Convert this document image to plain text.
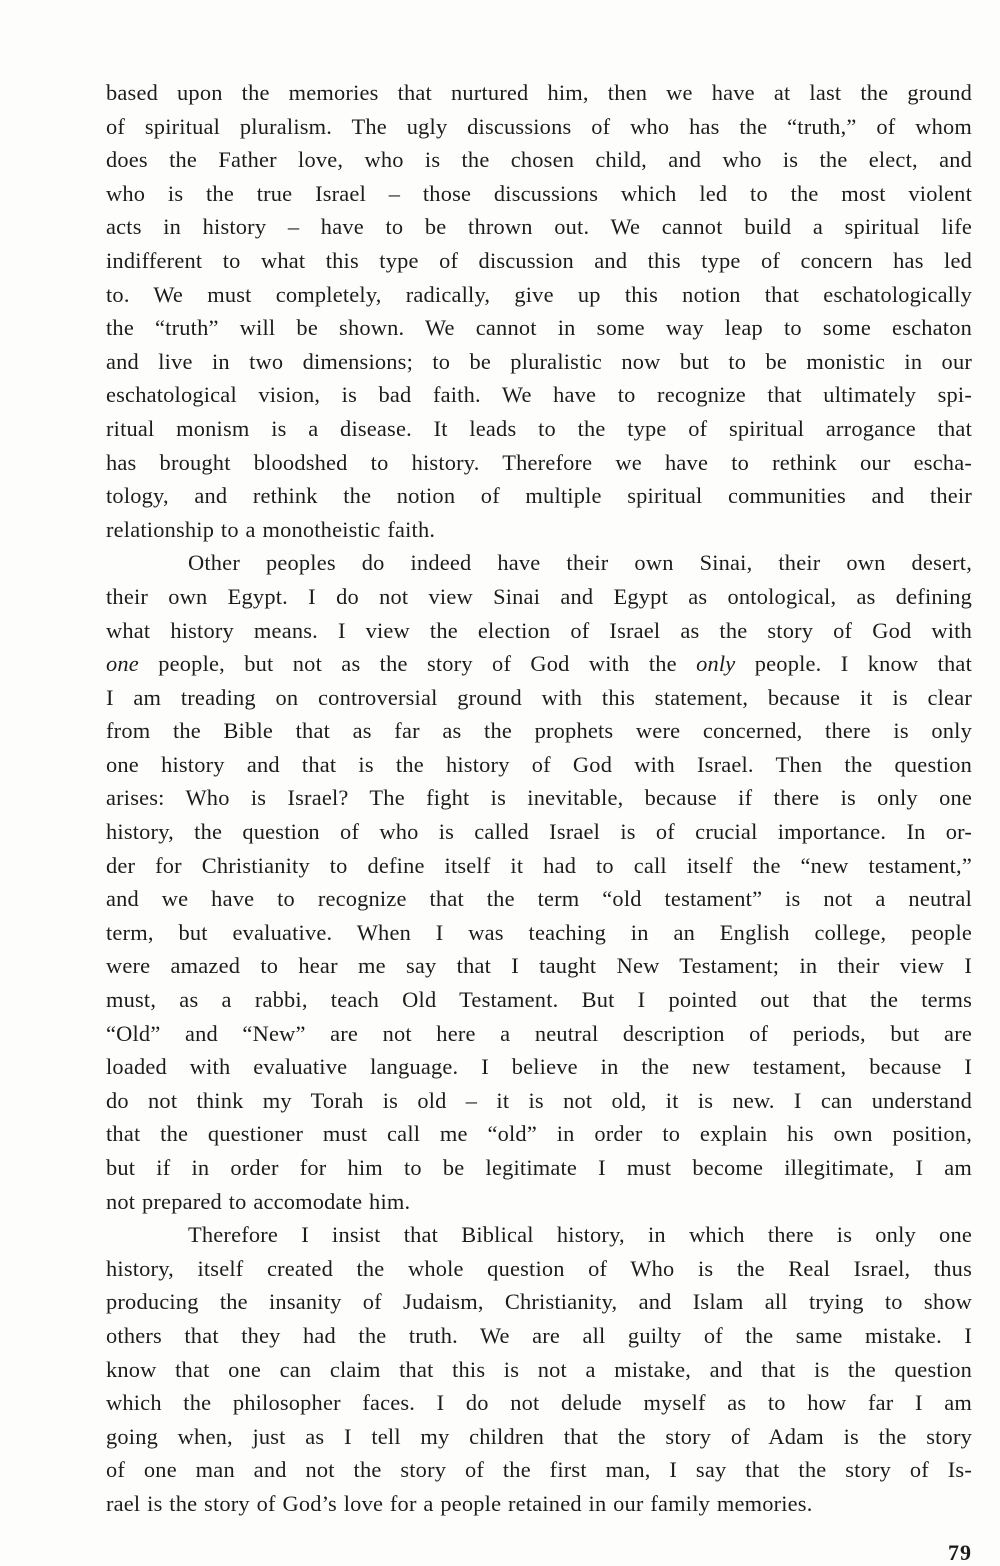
based upon the memories that nurtured him, then we have at last the ground
of spiritual pluralism. The ugly discussions of who has the “truth,” of whom
does the Father love, who is the chosen child, and who is the elect, and
who is the true Israel – those discussions which led to the most violent
acts in history – have to be thrown out. We cannot build a spiritual life
indifferent to what this type of discussion and this type of concern has led
to. We must completely, radically, give up this notion that eschatologically
the “truth” will be shown. We cannot in some way leap to some eschaton
and live in two dimensions; to be pluralistic now but to be monistic in our
eschatological vision, is bad faith. We have to recognize that ultimately spi-
ritual monism is a disease. It leads to the type of spiritual arrogance that
has brought bloodshed to history. Therefore we have to rethink our escha-
tology, and rethink the notion of multiple spiritual communities and their
relationship to a monotheistic faith.
Other peoples do indeed have their own Sinai, their own desert,
their own Egypt. I do not view Sinai and Egypt as ontological, as defining
what history means. I view the election of Israel as the story of God with
one people, but not as the story of God with the only people. I know that
I am treading on controversial ground with this statement, because it is clear
from the Bible that as far as the prophets were concerned, there is only
one history and that is the history of God with Israel. Then the question
arises: Who is Israel? The fight is inevitable, because if there is only one
history, the question of who is called Israel is of crucial importance. In or-
der for Christianity to define itself it had to call itself the “new testament,”
and we have to recognize that the term “old testament” is not a neutral
term, but evaluative. When I was teaching in an English college, people
were amazed to hear me say that I taught New Testament; in their view I
must, as a rabbi, teach Old Testament. But I pointed out that the terms
“Old” and “New” are not here a neutral description of periods, but are
loaded with evaluative language. I believe in the new testament, because I
do not think my Torah is old – it is not old, it is new. I can understand
that the questioner must call me “old” in order to explain his own position,
but if in order for him to be legitimate I must become illegitimate, I am
not prepared to accomodate him.
Therefore I insist that Biblical history, in which there is only one
history, itself created the whole question of Who is the Real Israel, thus
producing the insanity of Judaism, Christianity, and Islam all trying to show
others that they had the truth. We are all guilty of the same mistake. I
know that one can claim that this is not a mistake, and that is the question
which the philosopher faces. I do not delude myself as to how far I am
going when, just as I tell my children that the story of Adam is the story
of one man and not the story of the first man, I say that the story of Is-
rael is the story of God’s love for a people retained in our family memories.
79
